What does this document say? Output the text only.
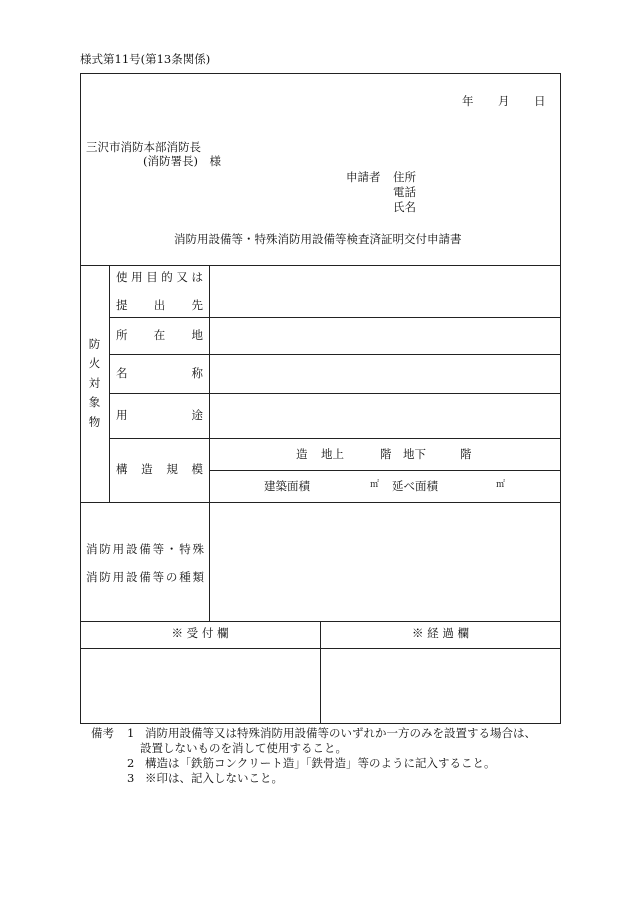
様式第11号(第13条関係)
年 月 日
三沢市消防本部消防長
(消防署長)　様
申請者 住所
電話
氏名
消防用設備等・特殊消防用設備等検査済証明交付申請書
防
火
対
象
物
使 用 目 的 又 は
提 出 先
所 在 地
名	称
用	途
構 造 規 模
造 地上	階 地下	階
建築面積	㎡ 延べ面積	㎡
消 防 用 設 備 等 ・ 特 殊
消 防 用 設 備 等 の 種 類
※ 受 付 欄	※ 経 過 欄
備考 1 消防用設備等又は特殊消防用設備等のいずれか一方のみを設置する場合は、
設置しないものを消して使用すること。
2 構造は「鉄筋コンクリート造」「鉄骨造」等のように記入すること。
3 ※印は、記入しないこと。
